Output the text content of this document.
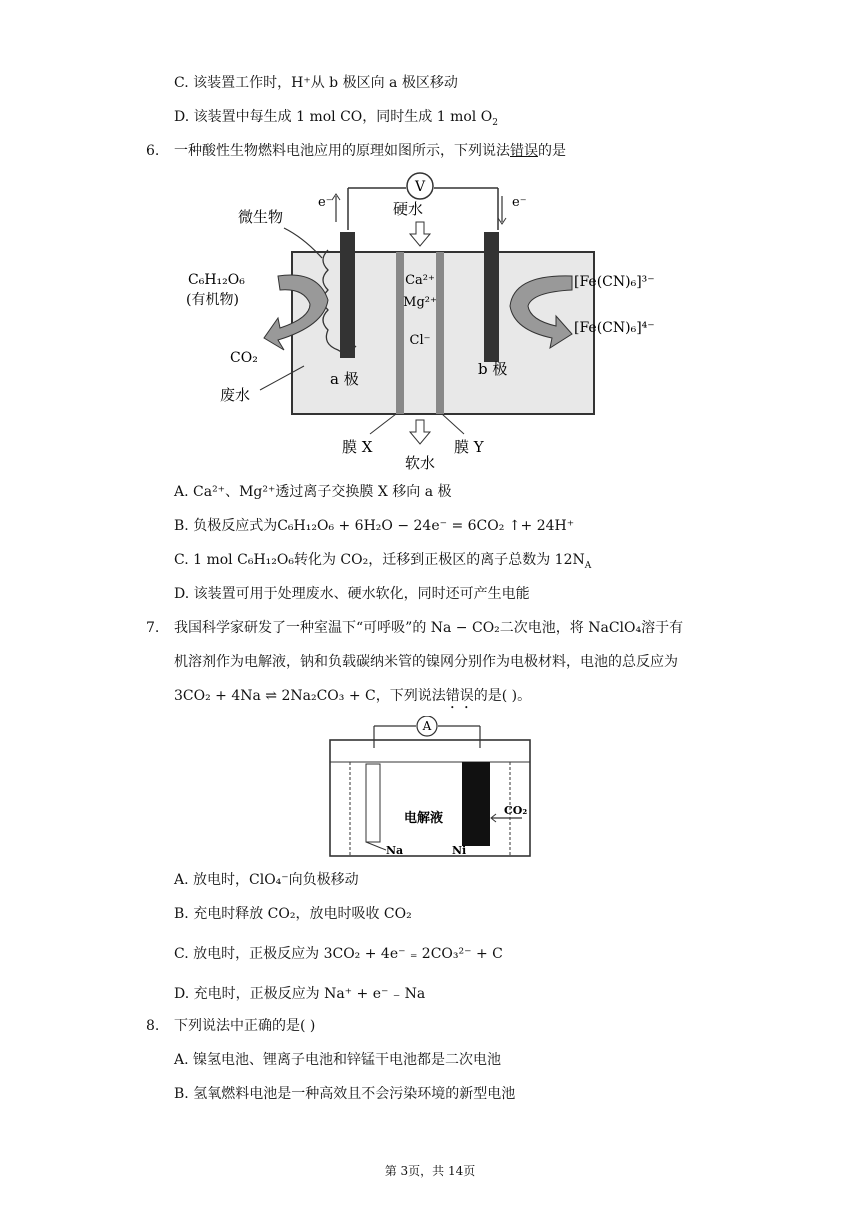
C. 该装置工作时，H⁺从 b 极区向 a 极区移动
D. 该装置中每生成 1 mol CO，同时生成 1 mol $O_2$
6. 一种酸性生物燃料电池应用的原理如图所示，下列说法错误的是
V
硬水
e⁻	e⁻
微生物
Ca²⁺
Mg²⁺
Cl⁻
C₆H₁₂O₆
(有机物)
CO₂
废水
a 极
b 极
[Fe(CN)₆]³⁻
[Fe(CN)₆]⁴⁻
膜 X	膜 Y
软水
A. Ca²⁺、Mg²⁺透过离子交换膜 X 移向 a 极
B. 负极反应式为C₆H₁₂O₆ + 6H₂O − 24e⁻ = 6CO₂ ↑+ 24H⁺
C. 1 mol C₆H₁₂O₆转化为 CO₂，迁移到正极区的离子总数为 $12N_A$
D. 该装置可用于处理废水、硬水软化，同时还可产生电能
7. 我国科学家研发了一种室温下“可呼吸”的 Na − CO₂二次电池，将 NaClO₄溶于有
机溶剂作为电解液，钠和负载碳纳米管的镍网分别作为电极材料，电池的总反应为
3CO₂ + 4Na ⇌ 2Na₂CO₃ + C，下列说法错误的是( )。
A
电解液
Na	Ni
CO₂
A. 放电时，ClO₄⁻向负极移动
B. 充电时释放 CO₂，放电时吸收 CO₂
C. 放电时，正极反应为 3CO₂ + 4e⁻ ₌ 2CO₃²⁻ + C
D. 充电时，正极反应为 Na⁺ + e⁻ ₋ Na
8. 下列说法中正确的是( )
A. 镍氢电池、锂离子电池和锌锰干电池都是二次电池
B. 氢氧燃料电池是一种高效且不会污染环境的新型电池
第 3页，共 14页
